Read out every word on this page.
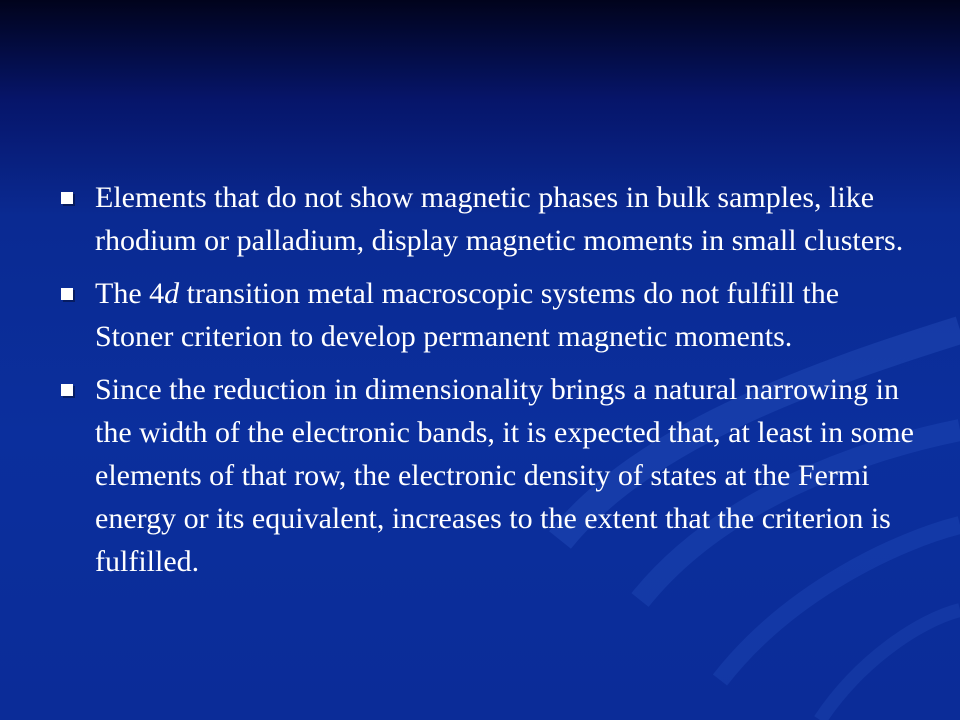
Elements that do not show magnetic phases in bulk samples, like rhodium or palladium, display magnetic moments in small clusters.
The 4d transition metal macroscopic systems do not fulfill the Stoner criterion to develop permanent magnetic moments.
Since the reduction in dimensionality brings a natural narrowing in the width of the electronic bands, it is expected that, at least in some elements of that row, the electronic density of states at the Fermi energy or its equivalent, increases to the extent that the criterion is fulfilled.
